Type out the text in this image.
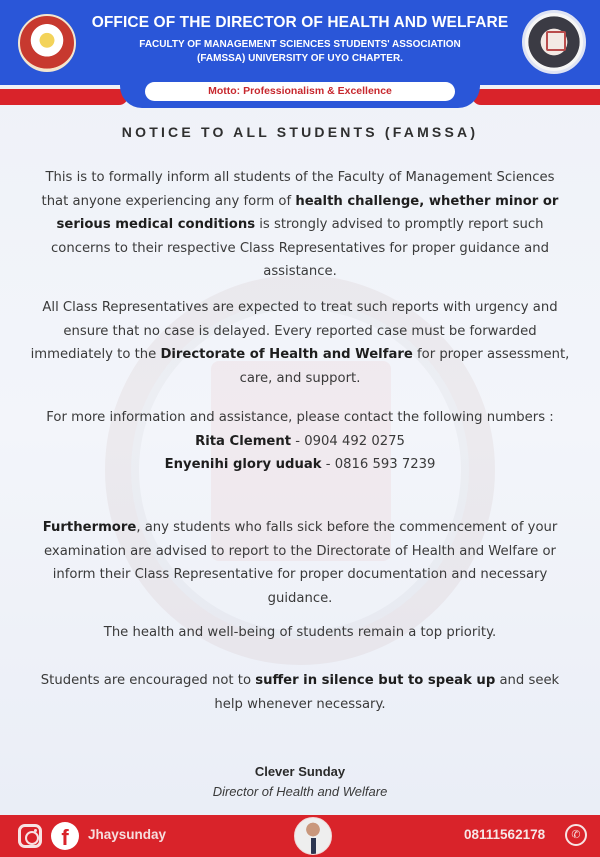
OFFICE OF THE DIRECTOR OF HEALTH AND WELFARE
FACULTY OF MANAGEMENT SCIENCES STUDENTS' ASSOCIATION
(FAMSSA) UNIVERSITY OF UYO CHAPTER.
Motto: Professionalism & Excellence
NOTICE TO ALL STUDENTS (FAMSSA)

This is to formally inform all students of the Faculty of Management Sciences that anyone experiencing any form of health challenge, whether minor or serious medical conditions is strongly advised to promptly report such concerns to their respective Class Representatives for proper guidance and assistance.

All Class Representatives are expected to treat such reports with urgency and ensure that no case is delayed. Every reported case must be forwarded immediately to the Directorate of Health and Welfare for proper assessment, care, and support.

For more information and assistance, please contact the following numbers :
Rita Clement - 0904 492 0275
Enyenihi glory uduak - 0816 593 7239

Furthermore, any students who falls sick before the commencement of your examination are advised to report to the Directorate of Health and Welfare or inform their Class Representative for proper documentation and necessary guidance.

The health and well-being of students remain a top priority.

Students are encouraged not to suffer in silence but to speak up and seek help whenever necessary.

Clever Sunday
Director of Health and Welfare
f	Jhaysunday	08111562178	✆
